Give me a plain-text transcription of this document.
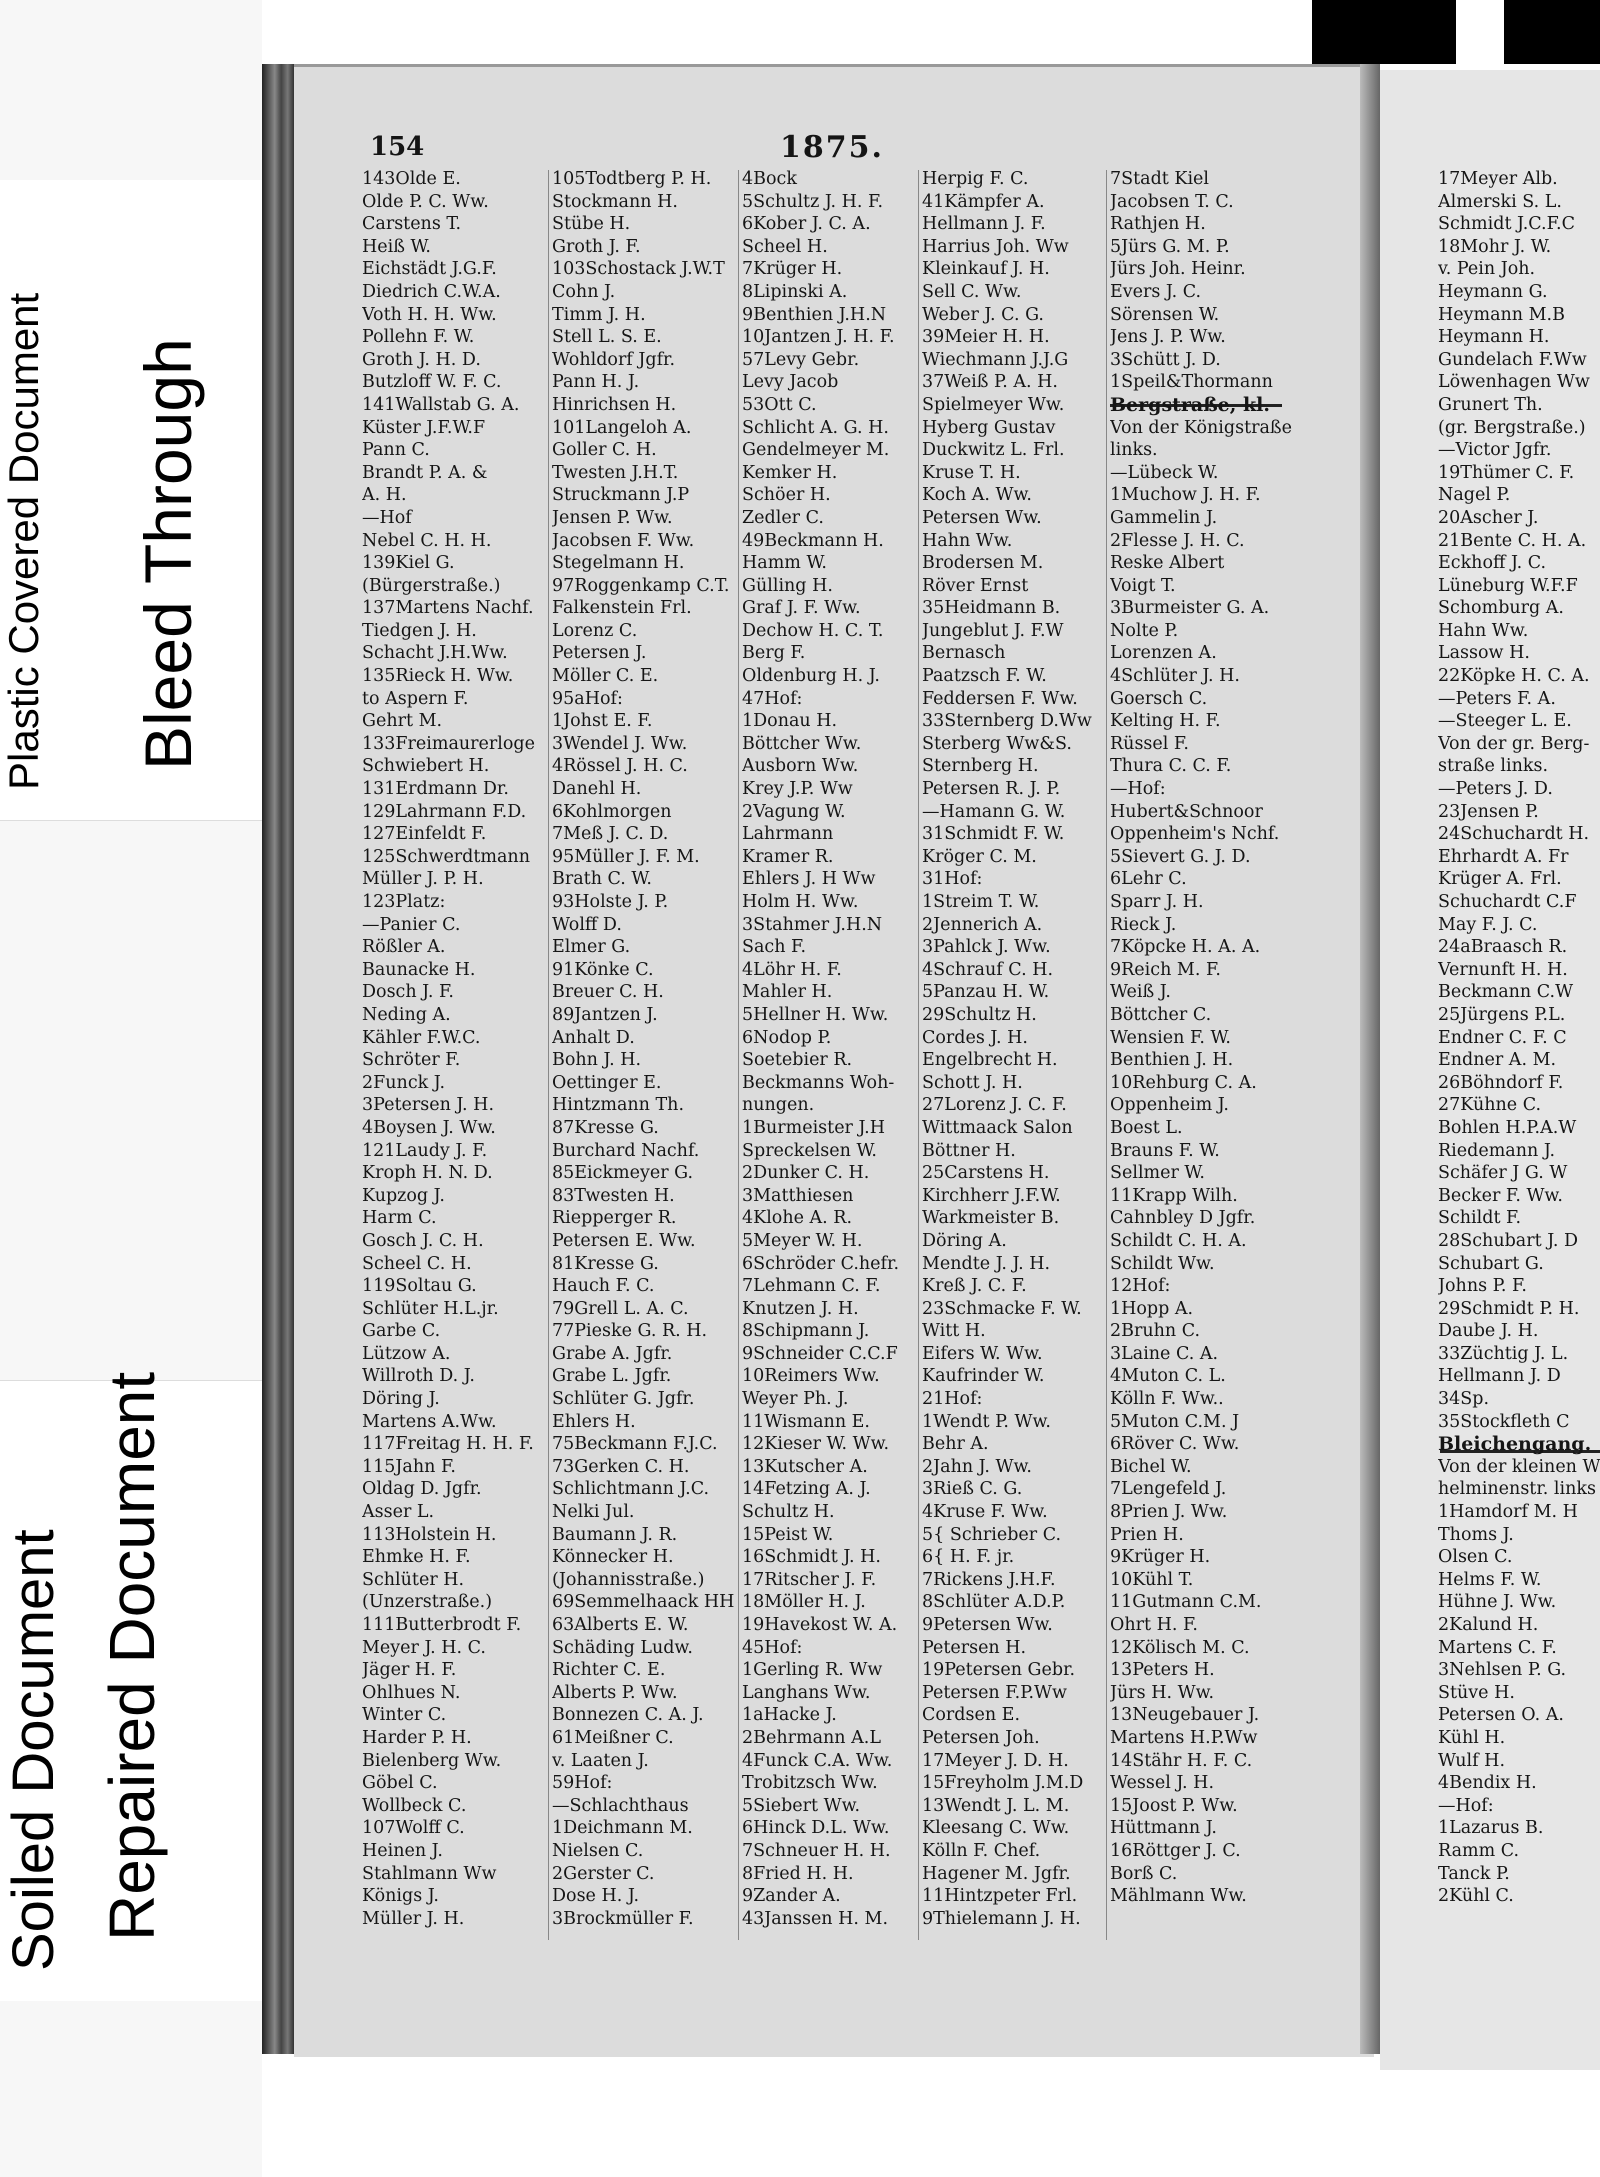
Plastic Covered Document Bleed Through
Soiled Document Repaired Document
154	1875.
143Olde E.
Olde P. C. Ww.
Carstens T.
Heiß W.
Eichstädt J.G.F.
Diedrich C.W.A.
Voth H. H. Ww.
Pollehn F. W.
Groth J. H. D.
Butzloff W. F. C.
141Wallstab G. A.
Küster J.F.W.F
Pann C.
Brandt P. A. &
A. H.
—Hof
Nebel C. H. H.
139Kiel G.
(Bürgerstraße.)
137Martens Nachf.
Tiedgen J. H.
Schacht J.H.Ww.
135Rieck H. Ww.
to Aspern F.
Gehrt M.
133Freimaurerloge
Schwiebert H.
131Erdmann Dr.
129Lahrmann F.D.
127Einfeldt F.
125Schwerdtmann
Müller J. P. H.
123Platz:
—Panier C.
Rößler A.
Baunacke H.
Dosch J. F.
Neding A.
Kähler F.W.C.
Schröter F.
2Funck J.
3Petersen J. H.
4Boysen J. Ww.
121Laudy J. F.
Kroph H. N. D.
Kupzog J.
Harm C.
Gosch J. C. H.
Scheel C. H.
119Soltau G.
Schlüter H.L.jr.
Garbe C.
Lützow A.
Willroth D. J.
Döring J.
Martens A.Ww.
117Freitag H. H. F.
115Jahn F.
Oldag D. Jgfr.
Asser L.
113Holstein H.
Ehmke H. F.
Schlüter H.
(Unzerstraße.)
111Butterbrodt F.
Meyer J. H. C.
Jäger H. F.
Ohlhues N.
Winter C.
Harder P. H.
Bielenberg Ww.
Göbel C.
Wollbeck C.
107Wolff C.
Heinen J.
Stahlmann Ww
Königs J.
Müller J. H.
105Todtberg P. H.
Stockmann H.
Stübe H.
Groth J. F.
103Schostack J.W.T
Cohn J.
Timm J. H.
Stell L. S. E.
Wohldorf Jgfr.
Pann H. J.
Hinrichsen H.
101Langeloh A.
Goller C. H.
Twesten J.H.T.
Struckmann J.P
Jensen P. Ww.
Jacobsen F. Ww.
Stegelmann H.
97Roggenkamp C.T.
Falkenstein Frl.
Lorenz C.
Petersen J.
Möller C. E.
95aHof:
1Johst E. F.
3Wendel J. Ww.
4Rössel J. H. C.
Danehl H.
6Kohlmorgen
7Meß J. C. D.
95Müller J. F. M.
Brath C. W.
93Holste J. P.
Wolff D.
Elmer G.
91Könke C.
Breuer C. H.
89Jantzen J.
Anhalt D.
Bohn J. H.
Oettinger E.
Hintzmann Th.
87Kresse G.
Burchard Nachf.
85Eickmeyer G.
83Twesten H.
Riepperger R.
Petersen E. Ww.
81Kresse G.
Hauch F. C.
79Grell L. A. C.
77Pieske G. R. H.
Grabe A. Jgfr.
Grabe L. Jgfr.
Schlüter G. Jgfr.
Ehlers H.
75Beckmann F.J.C.
73Gerken C. H.
Schlichtmann J.C.
Nelki Jul.
Baumann J. R.
Könnecker H.
(Johannisstraße.)
69Semmelhaack HH
63Alberts E. W.
Schäding Ludw.
Richter C. E.
Alberts P. Ww.
Bonnezen C. A. J.
61Meißner C.
v. Laaten J.
59Hof:
—Schlachthaus
1Deichmann M.
Nielsen C.
2Gerster C.
Dose H. J.
3Brockmüller F.
4Bock
5Schultz J. H. F.
6Kober J. C. A.
Scheel H.
7Krüger H.
8Lipinski A.
9Benthien J.H.N
10Jantzen J. H. F.
57Levy Gebr.
Levy Jacob
53Ott C.
Schlicht A. G. H.
Gendelmeyer M.
Kemker H.
Schöer H.
Zedler C.
49Beckmann H.
Hamm W.
Gülling H.
Graf J. F. Ww.
Dechow H. C. T.
Berg F.
Oldenburg H. J.
47Hof:
1Donau H.
Böttcher Ww.
Ausborn Ww.
Krey J.P. Ww
2Vagung W.
Lahrmann
Kramer R.
Ehlers J. H Ww
Holm H. Ww.
3Stahmer J.H.N
Sach F.
4Löhr H. F.
Mahler H.
5Hellner H. Ww.
6Nodop P.
Soetebier R.
Beckmanns Woh-
nungen.
1Burmeister J.H
Spreckelsen W.
2Dunker C. H.
3Matthiesen
4Klohe A. R.
5Meyer W. H.
6Schröder C.hefr.
7Lehmann C. F.
Knutzen J. H.
8Schipmann J.
9Schneider C.C.F
10Reimers Ww.
Weyer Ph. J.
11Wismann E.
12Kieser W. Ww.
13Kutscher A.
14Fetzing A. J.
Schultz H.
15Peist W.
16Schmidt J. H.
17Ritscher J. F.
18Möller H. J.
19Havekost W. A.
45Hof:
1Gerling R. Ww
Langhans Ww.
1aHacke J.
2Behrmann A.L
4Funck C.A. Ww.
Trobitzsch Ww.
5Siebert Ww.
6Hinck D.L. Ww.
7Schneuer H. H.
8Fried H. H.
9Zander A.
43Janssen H. M.
Herpig F. C.
41Kämpfer A.
Hellmann J. F.
Harrius Joh. Ww
Kleinkauf J. H.
Sell C. Ww.
Weber J. C. G.
39Meier H. H.
Wiechmann J.J.G
37Weiß P. A. H.
Spielmeyer Ww.
Hyberg Gustav
Duckwitz L. Frl.
Kruse T. H.
Koch A. Ww.
Petersen Ww.
Hahn Ww.
Brodersen M.
Röver Ernst
35Heidmann B.
Jungeblut J. F.W
Bernasch
Paatzsch F. W.
Feddersen F. Ww.
33Sternberg D.Ww
Sterberg Ww&S.
Sternberg H.
Petersen R. J. P.
—Hamann G. W.
31Schmidt F. W.
Kröger C. M.
31Hof:
1Streim T. W.
2Jennerich A.
3Pahlck J. Ww.
4Schrauf C. H.
5Panzau H. W.
29Schultz H.
Cordes J. H.
Engelbrecht H.
Schott J. H.
27Lorenz J. C. F.
Wittmaack Salon
Böttner H.
25Carstens H.
Kirchherr J.F.W.
Warkmeister B.
Döring A.
Mendte J. J. H.
Kreß J. C. F.
23Schmacke F. W.
Witt H.
Eifers W. Ww.
Kaufrinder W.
21Hof:
1Wendt P. Ww.
Behr A.
2Jahn J. Ww.
3Rieß C. G.
4Kruse F. Ww.
5{ Schrieber C.
6{ H. F. jr.
7Rickens J.H.F.
8Schlüter A.D.P.
9Petersen Ww.
Petersen H.
19Petersen Gebr.
Petersen F.P.Ww
Cordsen E.
Petersen Joh.
17Meyer J. D. H.
15Freyholm J.M.D
13Wendt J. L. M.
Kleesang C. Ww.
Kölln F. Chef.
Hagener M. Jgfr.
11Hintzpeter Frl.
9Thielemann J. H.
7Stadt Kiel
Jacobsen T. C.
Rathjen H.
5Jürs G. M. P.
Jürs Joh. Heinr.
Evers J. C.
Sörensen W.
Jens J. P. Ww.
3Schütt J. D.
1Speil&Thormann
Bergstraße, kl.
Von der Königstraße
links.
—Lübeck W.
1Muchow J. H. F.
Gammelin J.
2Flesse J. H. C.
Reske Albert
Voigt T.
3Burmeister G. A.
Nolte P.
Lorenzen A.
4Schlüter J. H.
Goersch C.
Kelting H. F.
Rüssel F.
Thura C. C. F.
—Hof:
Hubert&Schnoor
Oppenheim's Nchf.
5Sievert G. J. D.
6Lehr C.
Sparr J. H.
Rieck J.
7Köpcke H. A. A.
9Reich M. F.
Weiß J.
Böttcher C.
Wensien F. W.
Benthien J. H.
10Rehburg C. A.
Oppenheim J.
Boest L.
Brauns F. W.
Sellmer W.
11Krapp Wilh.
Cahnbley D Jgfr.
Schildt C. H. A.
Schildt Ww.
12Hof:
1Hopp A.
2Bruhn C.
3Laine C. A.
4Muton C. L.
Kölln F. Ww..
5Muton C.M. J
6Röver C. Ww.
Bichel W.
7Lengefeld J.
8Prien J. Ww.
Prien H.
9Krüger H.
10Kühl T.
11Gutmann C.M.
Ohrt H. F.
12Kölisch M. C.
13Peters H.
Jürs H. Ww.
13Neugebauer J.
Martens H.P.Ww
14Stähr H. F. C.
Wessel J. H.
15Joost P. Ww.
Hüttmann J.
16Röttger J. C.
Borß C.
Mählmann Ww.
17Meyer Alb.
Almerski S. L.
Schmidt J.C.F.C
18Mohr J. W.
v. Pein Joh.
Heymann G.
Heymann M.B
Heymann H.
Gundelach F.Ww
Löwenhagen Ww
Grunert Th.
(gr. Bergstraße.)
—Victor Jgfr.
19Thümer C. F.
Nagel P.
20Ascher J.
21Bente C. H. A.
Eckhoff J. C.
Lüneburg W.F.F
Schomburg A.
Hahn Ww.
Lassow H.
22Köpke H. C. A.
—Peters F. A.
—Steeger L. E.
Von der gr. Berg-
straße links.
—Peters J. D.
23Jensen P.
24Schuchardt H.
Ehrhardt A. Fr
Krüger A. Frl.
Schuchardt C.F
May F. J. C.
24aBraasch R.
Vernunft H. H.
Beckmann C.W
25Jürgens P.L.
Endner C. F. C
Endner A. M.
26Böhndorf F.
27Kühne C.
Bohlen H.P.A.W
Riedemann J.
Schäfer J G. W
Becker F. Ww.
Schildt F.
28Schubart J. D
Schubart G.
Johns P. F.
29Schmidt P. H.
Daube J. H.
33Züchtig J. L.
Hellmann J. D
34Sp.
35Stockfleth C
Bleichengang.
Von der kleinen W
helminenstr. links
1Hamdorf M. H
Thoms J.
Olsen C.
Helms F. W.
Hühne J. Ww.
2Kalund H.
Martens C. F.
3Nehlsen P. G.
Stüve H.
Petersen O. A.
Kühl H.
Wulf H.
4Bendix H.
—Hof:
1Lazarus B.
Ramm C.
Tanck P.
2Kühl C.
